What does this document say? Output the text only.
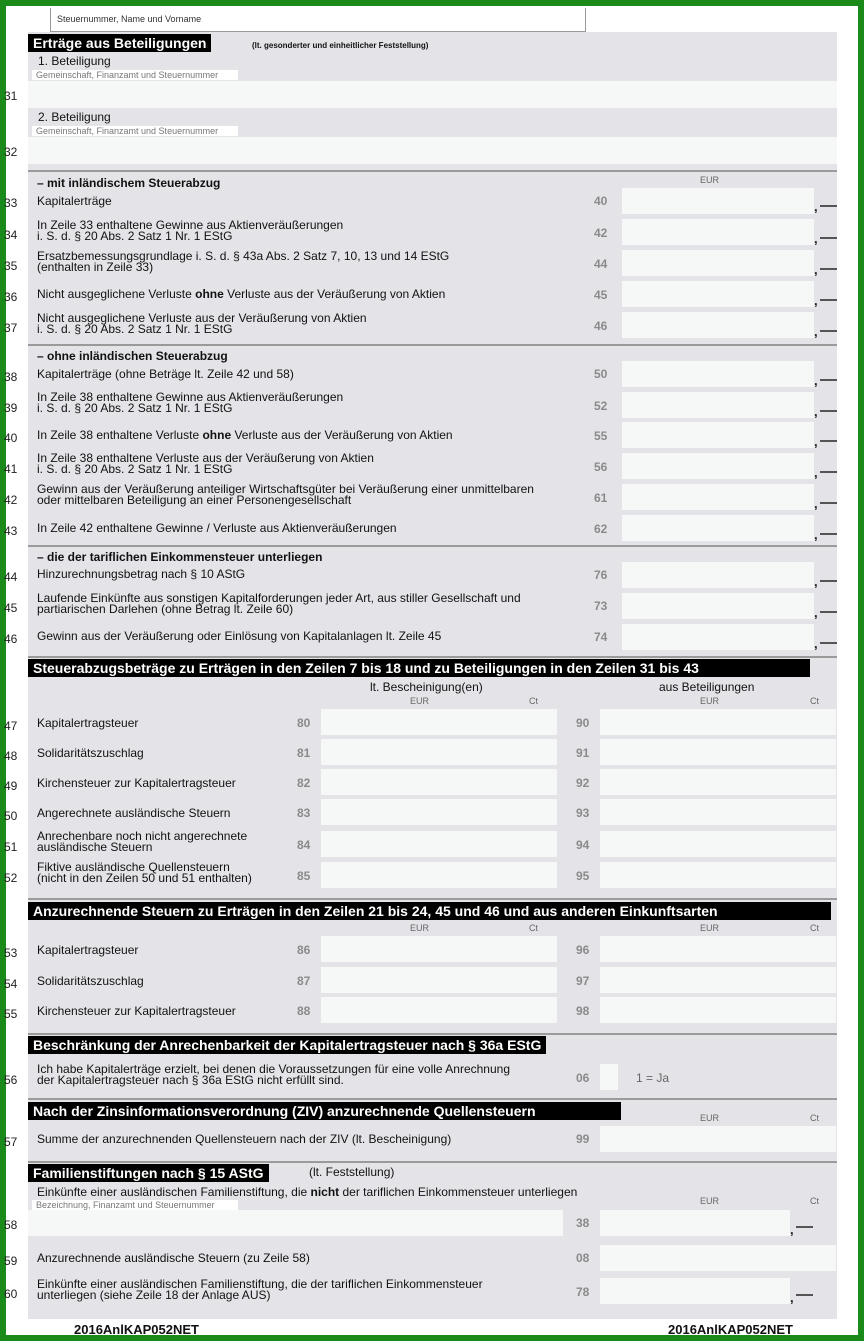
Steuernummer, Name und Vorname
Erträge aus Beteiligungen	(lt. gesonderter und einheitlicher Feststellung)
1. Beteiligung
Gemeinschaft, Finanzamt und Steuernummer
31
2. Beteiligung
Gemeinschaft, Finanzamt und Steuernummer
32
EUR
– mit inländischem Steuerabzug
33	Kapitalerträge	40	,
34
In Zeile 33 enthaltene Gewinne aus Aktienveräußerungen
i. S. d. § 20 Abs. 2 Satz 1 Nr. 1 EStG	42	,
35
Ersatzbemessungsgrundlage i. S. d. § 43a Abs. 2 Satz 7, 10, 13 und 14 EStG
(enthalten in Zeile 33)	44	,
36	Nicht ausgeglichene Verluste ohne Verluste aus der Veräußerung von Aktien	45	,
37
Nicht ausgeglichene Verluste aus der Veräußerung von Aktien
i. S. d. § 20 Abs. 2 Satz 1 Nr. 1 EStG	46	,
– ohne inländischen Steuerabzug
38	Kapitalerträge (ohne Beträge lt. Zeile 42 und 58)	50	,
39
In Zeile 38 enthaltene Gewinne aus Aktienveräußerungen
i. S. d. § 20 Abs. 2 Satz 1 Nr. 1 EStG	52	,
40	In Zeile 38 enthaltene Verluste ohne Verluste aus der Veräußerung von Aktien	55	,
41
In Zeile 38 enthaltene Verluste aus der Veräußerung von Aktien
i. S. d. § 20 Abs. 2 Satz 1 Nr. 1 EStG	56	,
42
Gewinn aus der Veräußerung anteiliger Wirtschaftsgüter bei Veräußerung einer unmittelbaren
oder mittelbaren Beteiligung an einer Personengesellschaft	61	,
43	In Zeile 42 enthaltene Gewinne / Verluste aus Aktienveräußerungen	62	,
– die der tariflichen Einkommensteuer unterliegen
44	Hinzurechnungsbetrag nach § 10 AStG	76	,
45
Laufende Einkünfte aus sonstigen Kapitalforderungen jeder Art, aus stiller Gesellschaft und
partiarischen Darlehen (ohne Betrag lt. Zeile 60)	73	,
46	Gewinn aus der Veräußerung oder Einlösung von Kapitalanlagen lt. Zeile 45	74	,
Steuerabzugsbeträge zu Erträgen in den Zeilen 7 bis 18 und zu Beteiligungen in den Zeilen 31 bis 43
lt. Bescheinigung(en)	aus Beteiligungen
EUR	Ct	EUR	Ct
47	Kapitalertragsteuer	80	90
48	Solidaritätszuschlag	81	91
49	Kirchensteuer zur Kapitalertragsteuer	82	92
50	Angerechnete ausländische Steuern	83	93
51
Anrechenbare noch nicht angerechnete
ausländische Steuern	84	94
52
Fiktive ausländische Quellensteuern
(nicht in den Zeilen 50 und 51 enthalten)	85	95
Anzurechnende Steuern zu Erträgen in den Zeilen 21 bis 24, 45 und 46 und aus anderen Einkunftsarten
EUR	Ct	EUR	Ct
53	Kapitalertragsteuer	86	96
54	Solidaritätszuschlag	87	97
55	Kirchensteuer zur Kapitalertragsteuer	88	98
Beschränkung der Anrechenbarkeit der Kapitalertragsteuer nach § 36a EStG
56
Ich habe Kapitalerträge erzielt, bei denen die Voraussetzungen für eine volle Anrechnung
der Kapitalertragsteuer nach § 36a EStG nicht erfüllt sind.	06	1 = Ja
Nach der Zinsinformationsverordnung (ZIV) anzurechnende Quellensteuern	EUR	Ct
57	Summe der anzurechnenden Quellensteuern nach der ZIV (lt. Bescheinigung)	99
Familienstiftungen nach § 15 AStG	(lt. Feststellung)
Einkünfte einer ausländischen Familienstiftung, die nicht der tariflichen Einkommensteuer unterliegen
Bezeichnung, Finanzamt und Steuernummer	EUR	Ct
58	38	,
59	Anzurechnende ausländische Steuern (zu Zeile 58)	08
60
Einkünfte einer ausländischen Familienstiftung, die der tariflichen Einkommensteuer
unterliegen (siehe Zeile 18 der Anlage AUS)	78	,
2016AnlKAP052NET	2016AnlKAP052NET
